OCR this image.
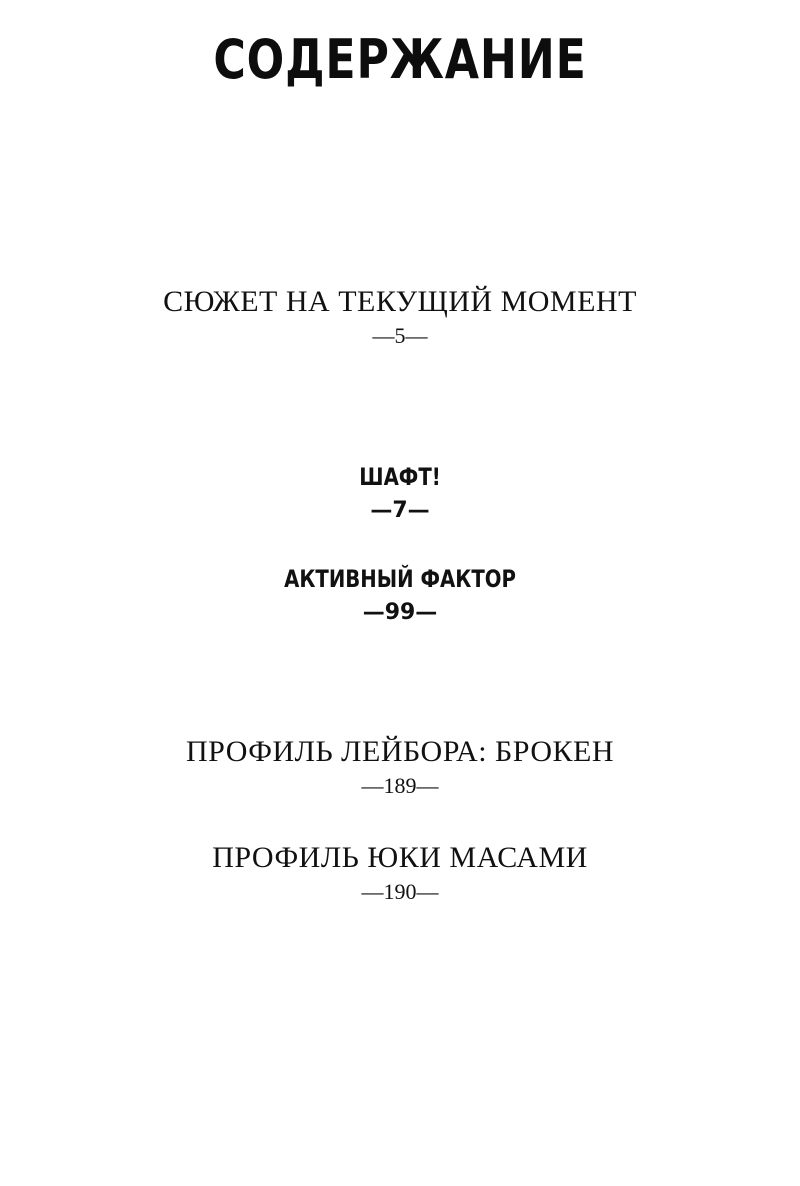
СОДЕРЖАНИЕ
СЮЖЕТ НА ТЕКУЩИЙ МОМЕНТ
—5—
ШАФТ!
—7—
АКТИВНЫЙ ФАКТОР
—99—
ПРОФИЛЬ ЛЕЙБОРА: БРОКЕН
—189—
ПРОФИЛЬ ЮКИ МАСАМИ
—190—
